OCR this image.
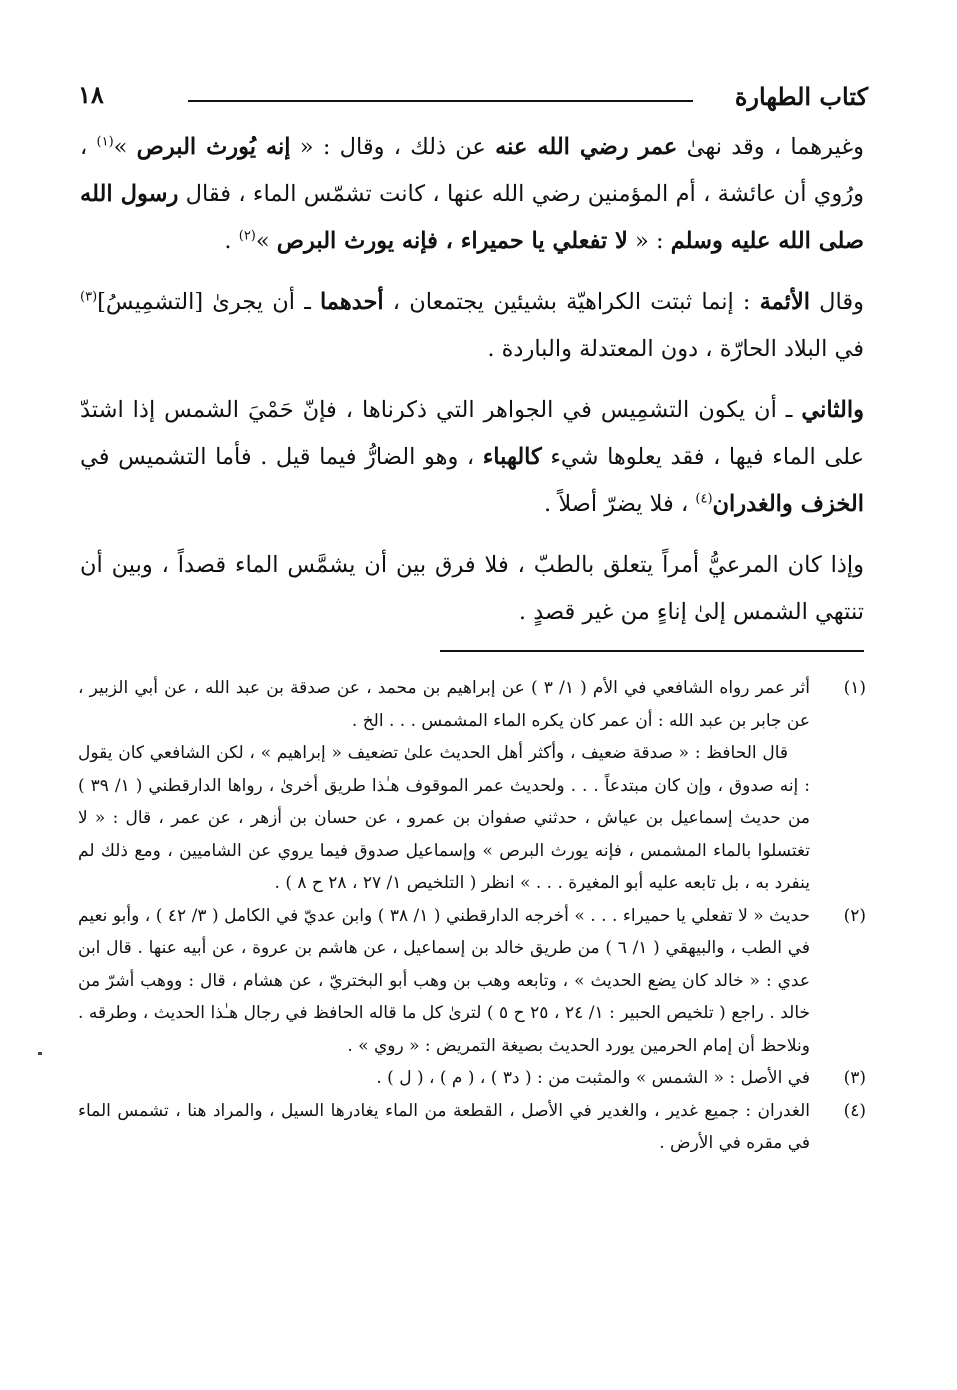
كتاب الطهارة
١٨

وغيرهما ، وقد نهىٰ عمر رضي الله عنه عن ذلك ، وقال : « إنه يُورث البرص »$^{(١)}$ ، ورُوي أن عائشة ، أم المؤمنين رضي الله عنها ، كانت تشمّس الماء ، فقال رسول الله صلى الله عليه وسلم : « لا تفعلي يا حميراء ، فإنه يورث البرص »$^{(٢)}$ .

وقال الأئمة : إنما ثبتت الكراهيّة بشيئين يجتمعان ، أحدهما ـ أن يجرىٰ [التشمِيسُ]$^{(٣)}$ في البلاد الحارّة ، دون المعتدلة والباردة .

والثاني ـ أن يكون التشمِيس في الجواهر التي ذكرناها ، فإنّ حَمْيَ الشمس إذا اشتدّ على الماء فيها ، فقد يعلوها شيء كالهباء ، وهو الضارُّ فيما قيل . فأما التشميس في الخزف والغدران$^{(٤)}$ ، فلا يضرّ أصلاً .

وإذا كان المرعيُّ أمراً يتعلق بالطبّ ، فلا فرق بين أن يشمَّس الماء قصداً ، وبين أن تنتهي الشمس إلىٰ إناءٍ من غير قصدٍ .

(١)

أثر عمر رواه الشافعي في الأم ( ١/ ٣ ) عن إبراهيم بن محمد ، عن صدقة بن عبد الله ، عن أبي الزبير ، عن جابر بن عبد الله : أن عمر كان يكره الماء المشمس . . . الخ .

قال الحافظ : « صدقة ضعيف ، وأكثر أهل الحديث علىٰ تضعيف « إبراهيم » ، لكن الشافعي كان يقول : إنه صدوق ، وإن كان مبتدعاً . . . ولحديث عمر الموقوف هـٰذا طريق أخرىٰ ، رواها الدارقطني ( ١/ ٣٩ ) من حديث إسماعيل بن عياش ، حدثني صفوان بن عمرو ، عن حسان بن أزهر ، عن عمر ، قال : « لا تغتسلوا بالماء المشمس ، فإنه يورث البرص » وإسماعيل صدوق فيما يروي عن الشاميين ، ومع ذلك لم ينفرد به ، بل تابعه عليه أبو المغيرة . . . » انظر ( التلخيص ١/ ٢٧ ، ٢٨ ح ٨ ) .

(٢)

حديث « لا تفعلي يا حميراء . . . » أخرجه الدارقطني ( ١/ ٣٨ ) وابن عديّ في الكامل ( ٣/ ٤٢ ) ، وأبو نعيم في الطب ، والبيهقي ( ١/ ٦ ) من طريق خالد بن إسماعيل ، عن هاشم بن عروة ، عن أبيه عنها . قال ابن عدي : « خالد كان يضع الحديث » ، وتابعه وهب بن وهب أبو البختريّ ، عن هشام ، قال : ووهب أشرّ من خالد . راجع ( تلخيص الحبير : ١/ ٢٤ ، ٢٥ ح ٥ ) لترىٰ كل ما قاله الحافظ في رجال هـٰذا الحديث ، وطرقه . ونلاحظ أن إمام الحرمين يورد الحديث بصيغة التمريض : « روي » .

(٣)

في الأصل : « الشمس » والمثبت من : ( د٣ ) ، ( م ) ، ( ل ) .

(٤)

الغدران : جميع غدير ، والغدير في الأصل ، القطعة من الماء يغادرها السيل ، والمراد هنا ، تشمس الماء في مقره في الأرض .
